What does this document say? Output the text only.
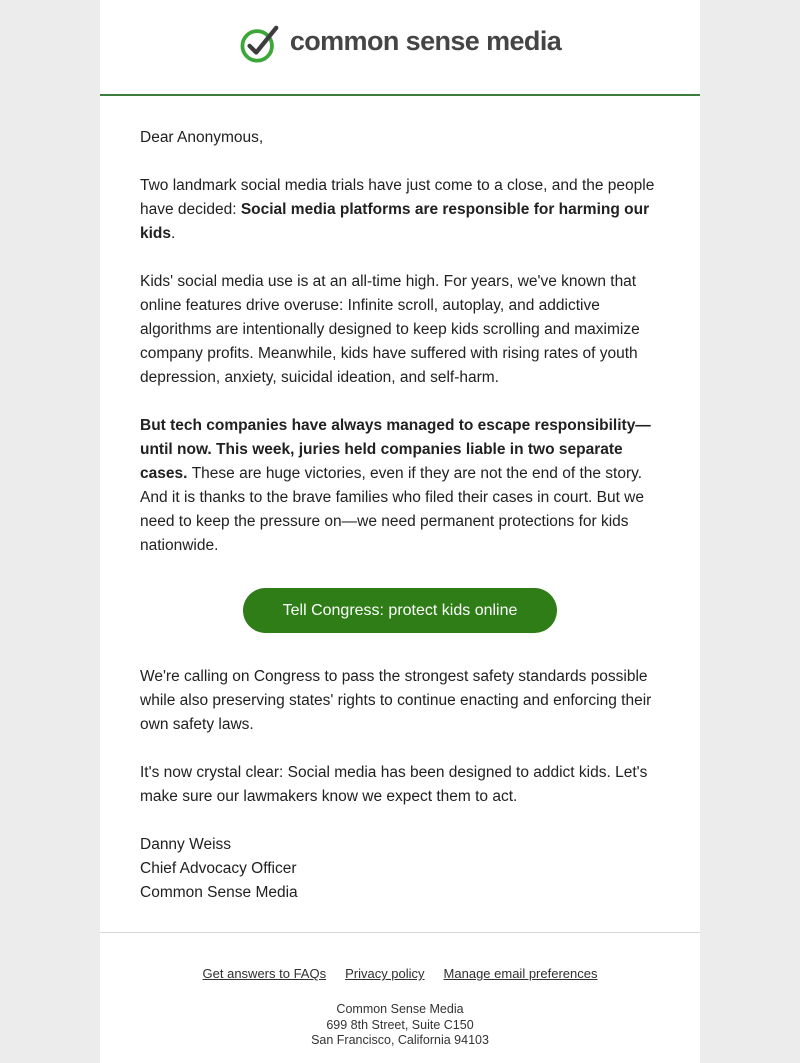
common sense media

Dear Anonymous,

Two landmark social media trials have just come to a close, and the people have decided: Social media platforms are responsible for harming our kids.

Kids' social media use is at an all-time high. For years, we've known that online features drive overuse: Infinite scroll, autoplay, and addictive algorithms are intentionally designed to keep kids scrolling and maximize company profits. Meanwhile, kids have suffered with rising rates of youth depression, anxiety, suicidal ideation, and self-harm.

But tech companies have always managed to escape responsibility—until now. This week, juries held companies liable in two separate cases. These are huge victories, even if they are not the end of the story. And it is thanks to the brave families who filed their cases in court. But we need to keep the pressure on—we need permanent protections for kids nationwide.

Tell Congress: protect kids online

We're calling on Congress to pass the strongest safety standards possible while also preserving states' rights to continue enacting and enforcing their own safety laws.

It's now crystal clear: Social media has been designed to addict kids. Let's make sure our lawmakers know we expect them to act.

Danny Weiss

Chief Advocacy Officer

Common Sense Media

Get answers to FAQs Privacy policy Manage email preferences
Common Sense Media
699 8th Street, Suite C150
San Francisco, California 94103
